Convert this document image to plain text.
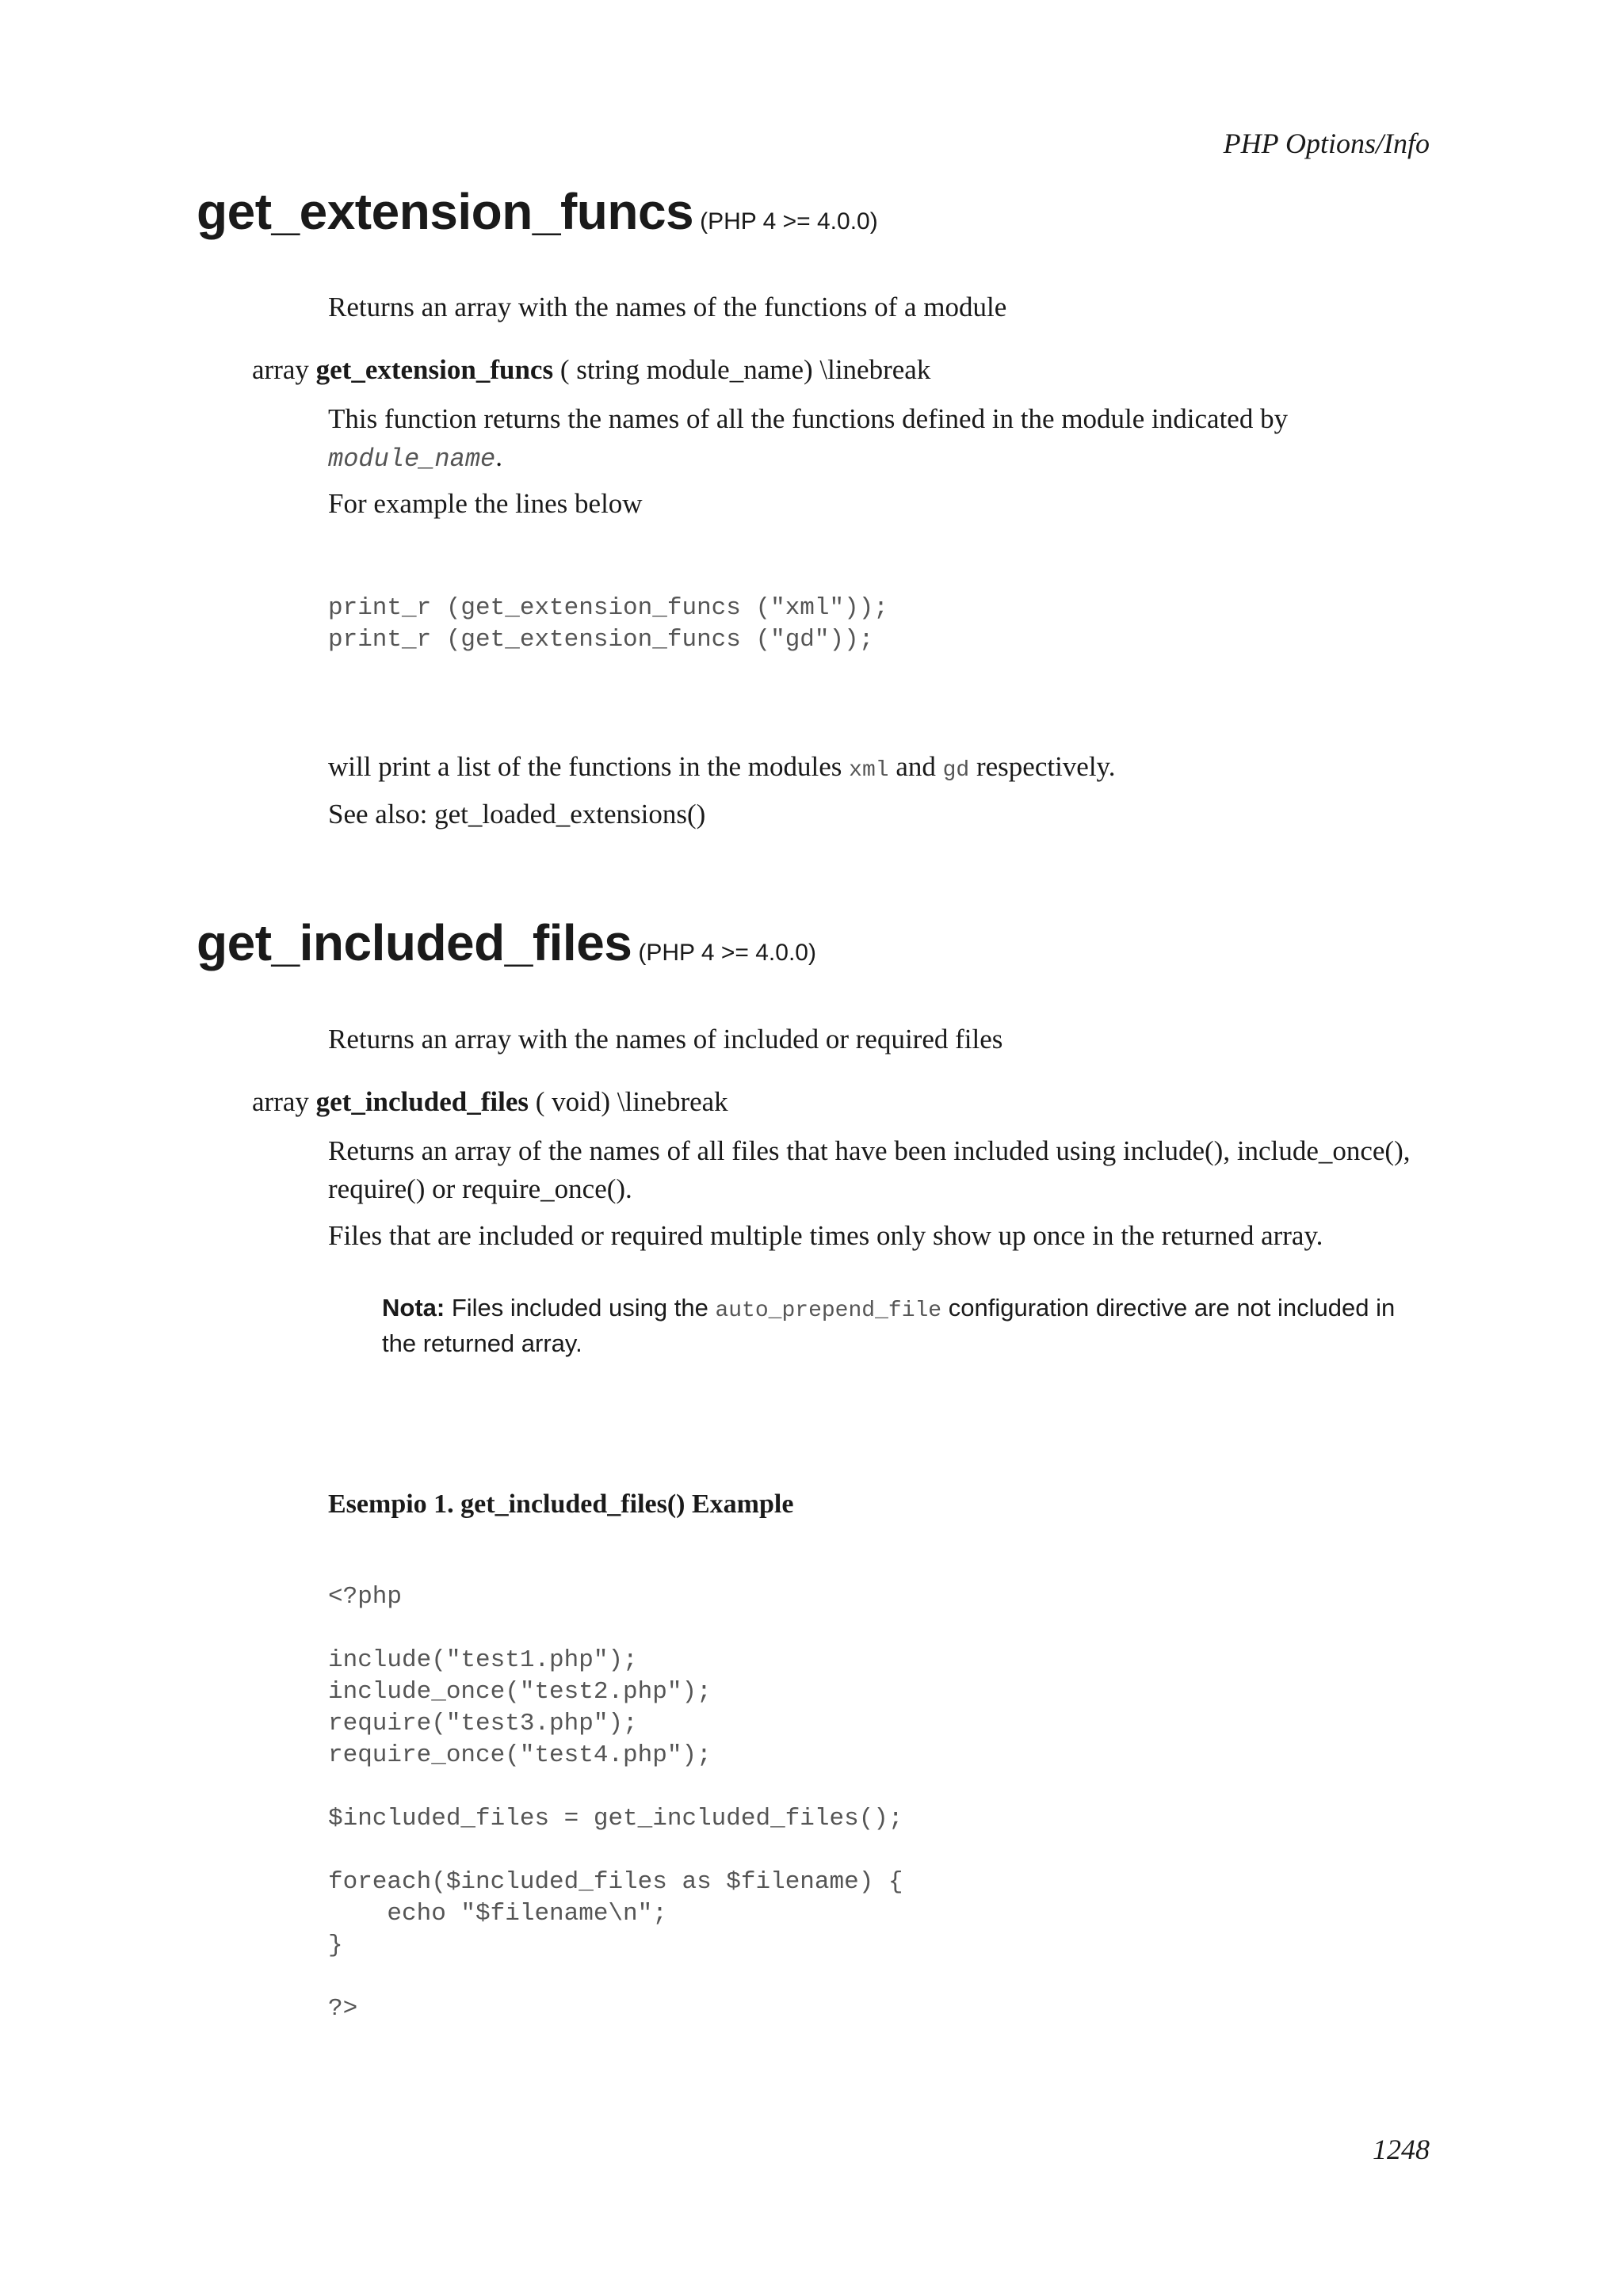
PHP Options/Info
get_extension_funcs (PHP 4 >= 4.0.0)
Returns an array with the names of the functions of a module
array get_extension_funcs ( string module_name) \linebreak
This function returns the names of all the functions defined in the module indicated by
module_name.
For example the lines below
print_r (get_extension_funcs ("xml"));
print_r (get_extension_funcs ("gd"));
will print a list of the functions in the modules xml and gd respectively.
See also: get_loaded_extensions()
get_included_files (PHP 4 >= 4.0.0)
Returns an array with the names of included or required files
array get_included_files ( void) \linebreak
Returns an array of the names of all files that have been included using include(), include_once(),
require() or require_once().
Files that are included or required multiple times only show up once in the returned array.
Nota: Files included using the auto_prepend_file configuration directive are not included in the returned array.
Esempio 1. get_included_files() Example
<?php

include("test1.php");
include_once("test2.php");
require("test3.php");
require_once("test4.php");

$included_files = get_included_files();

foreach($included_files as $filename) {
echo "$filename\n";
}

?>
1248
